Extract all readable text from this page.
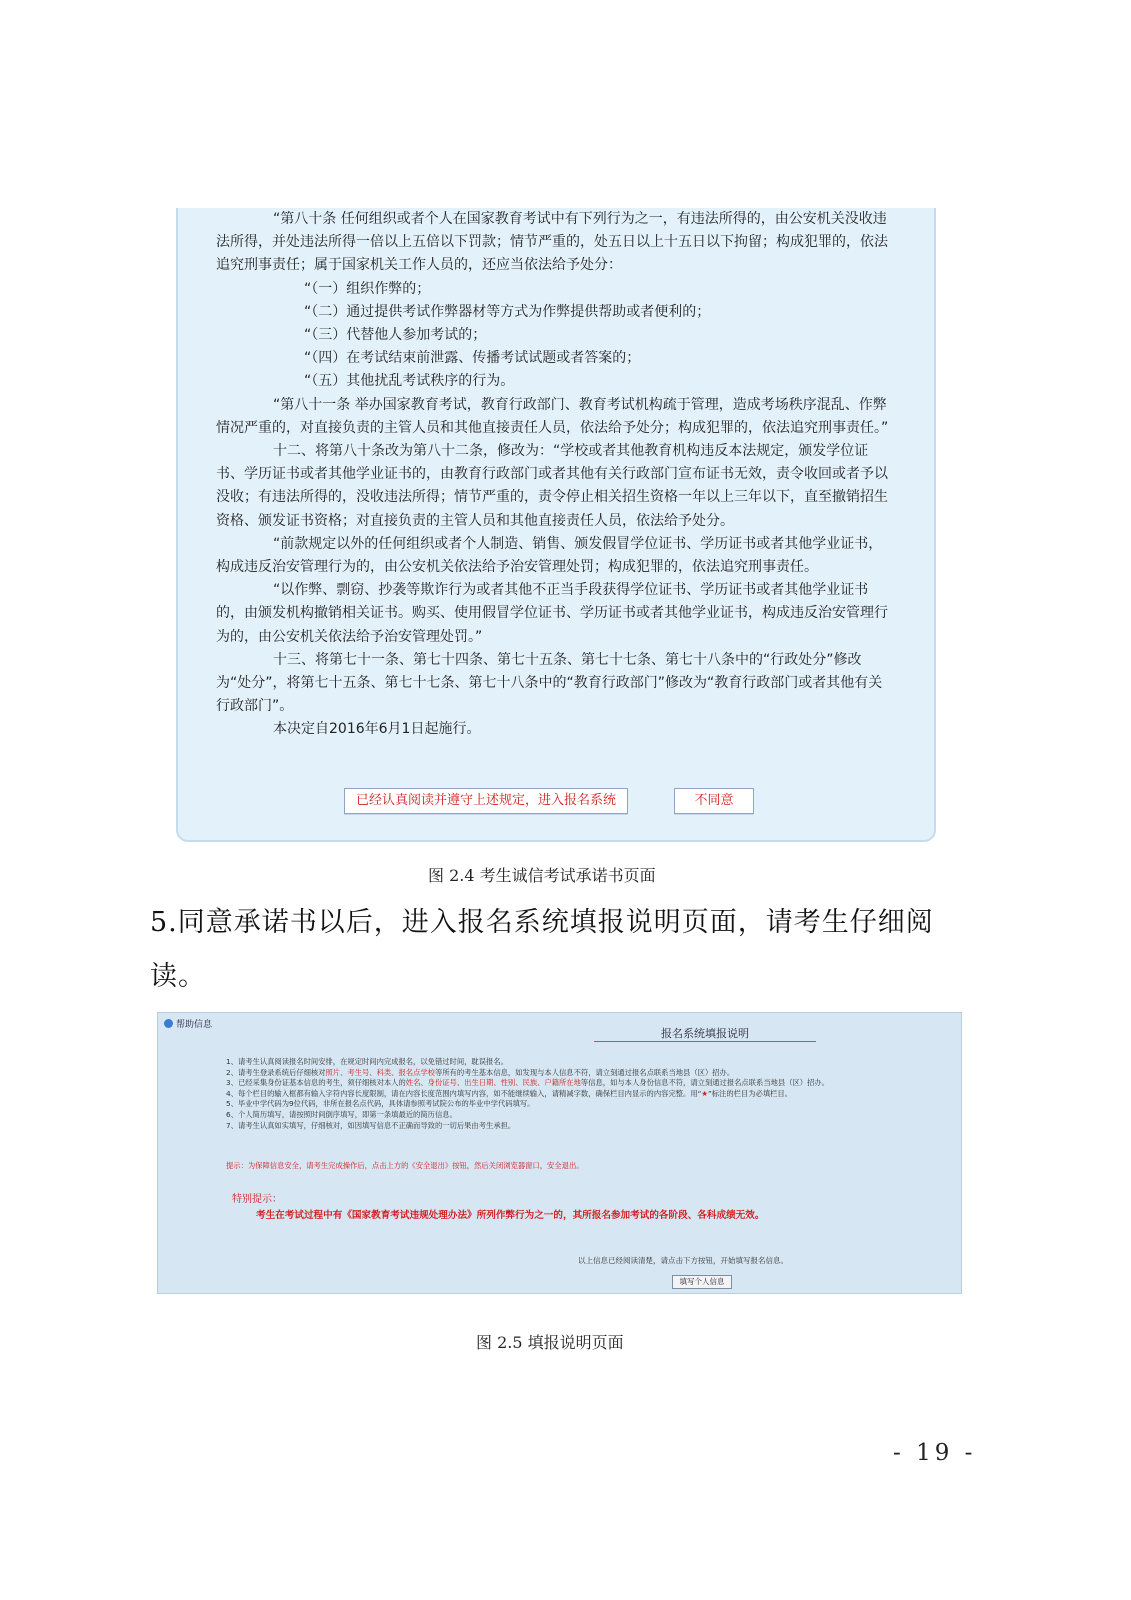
“第八十条 任何组织或者个人在国家教育考试中有下列行为之一，有违法所得的，由公安机关没收违法所得，并处违法所得一倍以上五倍以下罚款；情节严重的，处五日以上十五日以下拘留；构成犯罪的，依法追究刑事责任；属于国家机关工作人员的，还应当依法给予处分：

“（一）组织作弊的；

“（二）通过提供考试作弊器材等方式为作弊提供帮助或者便利的；

“（三）代替他人参加考试的；

“（四）在考试结束前泄露、传播考试试题或者答案的；

“（五）其他扰乱考试秩序的行为。

“第八十一条 举办国家教育考试，教育行政部门、教育考试机构疏于管理，造成考场秩序混乱、作弊情况严重的，对直接负责的主管人员和其他直接责任人员，依法给予处分；构成犯罪的，依法追究刑事责任。”

十二、将第八十条改为第八十二条，修改为：“学校或者其他教育机构违反本法规定，颁发学位证书、学历证书或者其他学业证书的，由教育行政部门或者其他有关行政部门宣布证书无效，责令收回或者予以没收；有违法所得的，没收违法所得；情节严重的，责令停止相关招生资格一年以上三年以下，直至撤销招生资格、颁发证书资格；对直接负责的主管人员和其他直接责任人员，依法给予处分。

“前款规定以外的任何组织或者个人制造、销售、颁发假冒学位证书、学历证书或者其他学业证书，构成违反治安管理行为的，由公安机关依法给予治安管理处罚；构成犯罪的，依法追究刑事责任。

“以作弊、剽窃、抄袭等欺诈行为或者其他不正当手段获得学位证书、学历证书或者其他学业证书的，由颁发机构撤销相关证书。购买、使用假冒学位证书、学历证书或者其他学业证书，构成违反治安管理行为的，由公安机关依法给予治安管理处罚。”

十三、将第七十一条、第七十四条、第七十五条、第七十七条、第七十八条中的“行政处分”修改为“处分”，将第七十五条、第七十七条、第七十八条中的“教育行政部门”修改为“教育行政部门或者其他有关行政部门”。

本决定自2016年6月1日起施行。

已经认真阅读并遵守上述规定，进入报名系统	不同意
图 2.4 考生诚信考试承诺书页面
5.同意承诺书以后，进入报名系统填报说明页面，请考生仔细阅读。
帮助信息
报名系统填报说明
1、请考生认真阅读报名时间安排，在规定时间内完成报名，以免错过时间，耽误报名。
2、请考生登录系统后仔细核对照片、考生号、科类、报名点学校等所有的考生基本信息，如发现与本人信息不符，请立刻通过报名点联系当地县（区）招办。
3、已经采集身份证基本信息的考生，须仔细核对本人的姓名、身份证号、出生日期、性别、民族、户籍所在地等信息，如与本人身份信息不符，请立刻通过报名点联系当地县（区）招办。
4、每个栏目的输入框都有输入字符内容长度限制，请在内容长度范围内填写内容，如不能继续输入，请精减字数，确保栏目内显示的内容完整。用“★”标注的栏目为必填栏目。
5、毕业中学代码为9位代码，非所在报名点代码，具体请参照考试院公布的毕业中学代码填写。
6、个人简历填写，请按照时间倒序填写，即第一条填最近的简历信息。
7、请考生认真如实填写，仔细核对，如因填写信息不正确而导致的一切后果由考生承担。
提示：为保障信息安全，请考生完成操作后，点击上方的《安全退出》按钮，然后关闭浏览器窗口，安全退出。
特别提示：
考生在考试过程中有《国家教育考试违规处理办法》所列作弊行为之一的，其所报名参加考试的各阶段、各科成绩无效。
以上信息已经阅读清楚，请点击下方按钮，开始填写报名信息。
填写个人信息
图 2.5 填报说明页面
- 19 -
